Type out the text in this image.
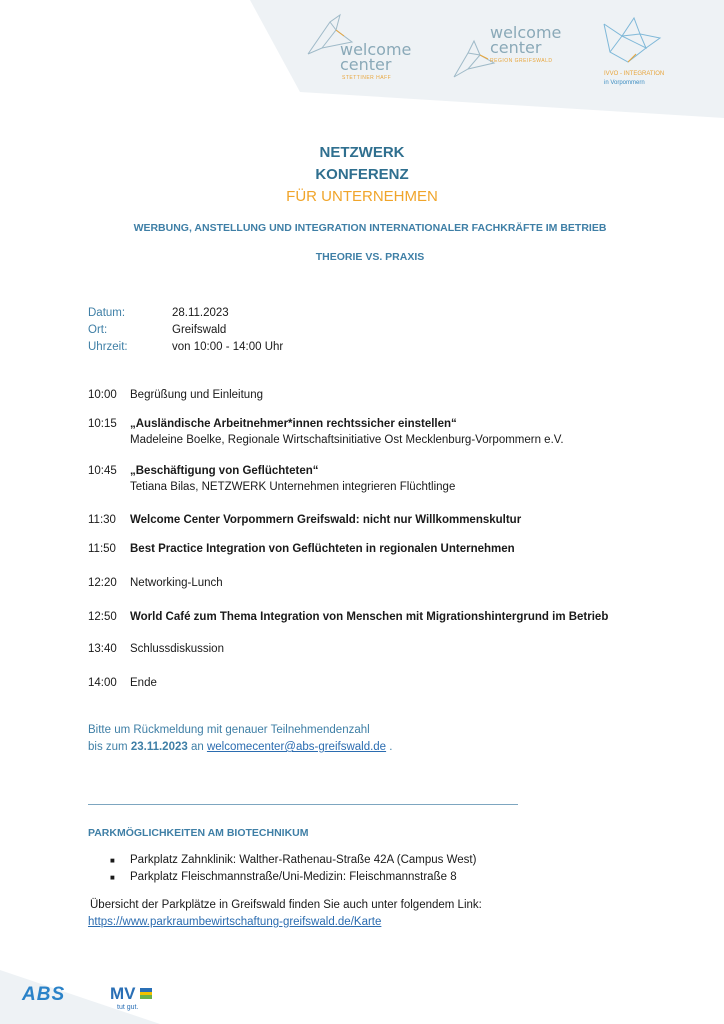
welcome
center
STETTINER HAFF
welcome
center
REGION GREIFSWALD
IVVO - INTEGRATION
in Vorpommern
NETZWERK
KONFERENZ
FÜR UNTERNEHMEN
WERBUNG, ANSTELLUNG UND INTEGRATION INTERNATIONALER FACHKRÄFTE IM BETRIEB
THEORIE VS. PRAXIS
Datum:	28.11.2023
Ort:	Greifswald
Uhrzeit:	von 10:00 - 14:00 Uhr
10:00 Begrüßung und Einleitung
10:15 „Ausländische Arbeitnehmer*innen rechtssicher einstellen“
Madeleine Boelke, Regionale Wirtschaftsinitiative Ost Mecklenburg-Vorpommern e.V.
10:45 „Beschäftigung von Geflüchteten“
Tetiana Bilas, NETZWERK Unternehmen integrieren Flüchtlinge
11:30 Welcome Center Vorpommern Greifswald: nicht nur Willkommenskultur
11:50 Best Practice Integration von Geflüchteten in regionalen Unternehmen
12:20 Networking-Lunch
12:50 World Café zum Thema Integration von Menschen mit Migrationshintergrund im Betrieb
13:40 Schlussdiskussion
14:00 Ende
Bitte um Rückmeldung mit genauer Teilnehmendenzahl
bis zum 23.11.2023 an welcomecenter@abs-greifswald.de .
PARKMÖGLICHKEITEN AM BIOTECHNIKUM
■ Parkplatz Zahnklinik: Walther-Rathenau-Straße 42A (Campus West)
■ Parkplatz Fleischmannstraße/Uni-Medizin: Fleischmannstraße 8
Übersicht der Parkplätze in Greifswald finden Sie auch unter folgendem Link:
https://www.parkraumbewirtschaftung-greifswald.de/Karte
ABS	MV
tut gut.
